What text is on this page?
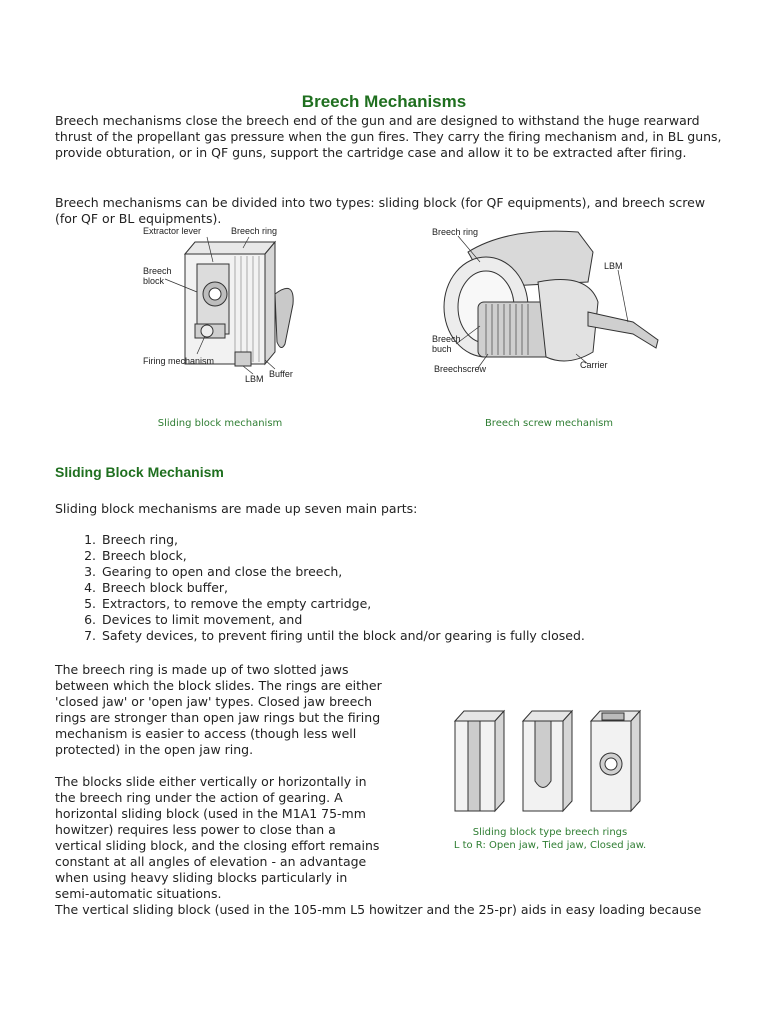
Breech Mechanisms

Breech mechanisms close the breech end of the gun and are designed to withstand the huge rearward thrust of the propellant gas pressure when the gun fires. They carry the firing mechanism and, in BL guns, provide obturation, or in QF guns, support the cartridge case and allow it to be extracted after firing.

Breech mechanisms can be divided into two types: sliding block (for QF equipments), and breech screw (for QF or BL equipments).

Extractor lever	Breech ring
Breech
block
Firing mechanism
LBM Buffer
Sliding block mechanism
Breech ring
LBM
Breech
buch
Breechscrew	Carrier
Breech screw mechanism
Sliding Block Mechanism

Sliding block mechanisms are made up seven main parts:

1. Breech ring,
2. Breech block,
3. Gearing to open and close the breech,
4. Breech block buffer,
5. Extractors, to remove the empty cartridge,
6. Devices to limit movement, and
7. Safety devices, to prevent firing until the block and/or gearing is fully closed.

The breech ring is made up of two slotted jaws between which the block slides. The rings are either 'closed jaw' or 'open jaw' types. Closed jaw breech rings are stronger than open jaw rings but the firing mechanism is easier to access (though less well protected) in the open jaw ring.

The blocks slide either vertically or horizontally in the breech ring under the action of gearing. A horizontal sliding block (used in the M1A1 75-mm howitzer) requires less power to close than a vertical sliding block, and the closing effort remains constant at all angles of elevation - an advantage when using heavy sliding blocks particularly in semi-automatic situations.

The vertical sliding block (used in the 105-mm L5 howitzer and the 25-pr) aids in easy loading because

Sliding block type breech rings
L to R: Open jaw, Tied jaw, Closed jaw.
